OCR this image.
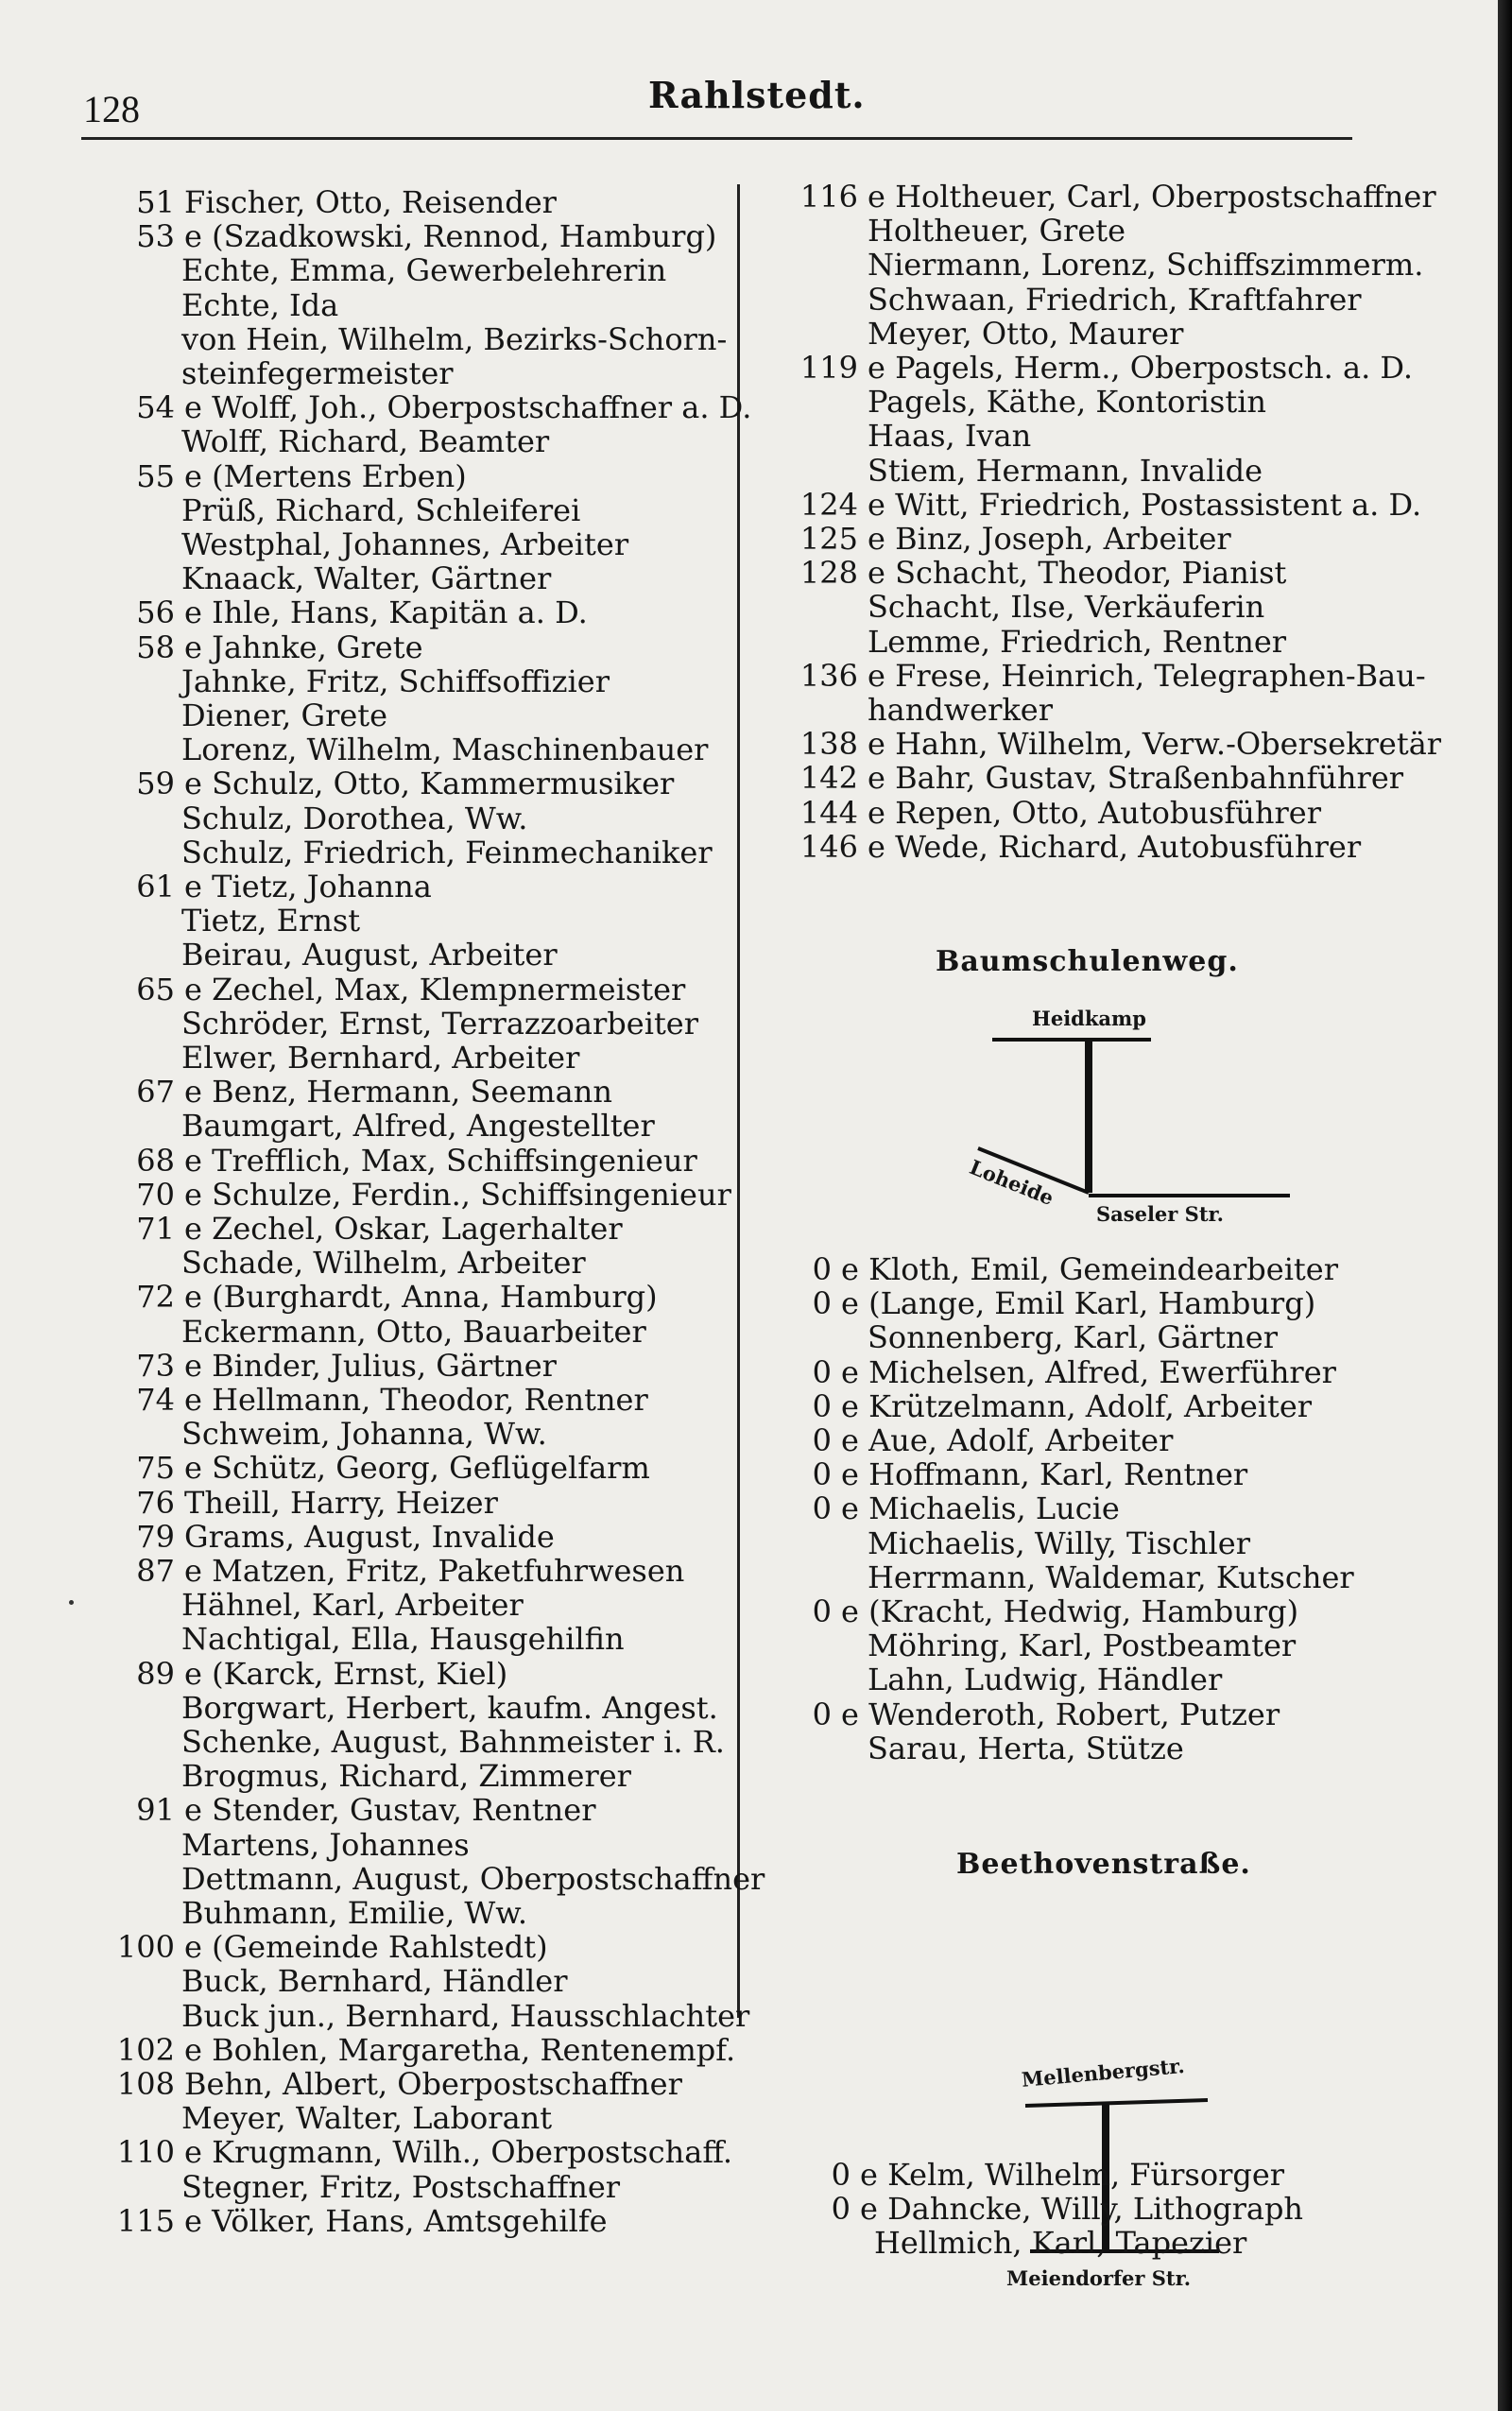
128	Rahlstedt.
51 Fischer, Otto, Reisender
53 e (Szadkowski, Rennod, Hamburg)
Echte, Emma, Gewerbelehrerin
Echte, Ida
von Hein, Wilhelm, Bezirks-Schorn-
steinfegermeister
54 e Wolff, Joh., Oberpostschaffner a. D.
Wolff, Richard, Beamter
55 e (Mertens Erben)
Prüß, Richard, Schleiferei
Westphal, Johannes, Arbeiter
Knaack, Walter, Gärtner
56 e Ihle, Hans, Kapitän a. D.
58 e Jahnke, Grete
Jahnke, Fritz, Schiffsoffizier
Diener, Grete
Lorenz, Wilhelm, Maschinenbauer
59 e Schulz, Otto, Kammermusiker
Schulz, Dorothea, Ww.
Schulz, Friedrich, Feinmechaniker
61 e Tietz, Johanna
Tietz, Ernst
Beirau, August, Arbeiter
65 e Zechel, Max, Klempnermeister
Schröder, Ernst, Terrazzoarbeiter
Elwer, Bernhard, Arbeiter
67 e Benz, Hermann, Seemann
Baumgart, Alfred, Angestellter
68 e Trefflich, Max, Schiffsingenieur
70 e Schulze, Ferdin., Schiffsingenieur
71 e Zechel, Oskar, Lagerhalter
Schade, Wilhelm, Arbeiter
72 e (Burghardt, Anna, Hamburg)
Eckermann, Otto, Bauarbeiter
73 e Binder, Julius, Gärtner
74 e Hellmann, Theodor, Rentner
Schweim, Johanna, Ww.
75 e Schütz, Georg, Geflügelfarm
76 Theill, Harry, Heizer
79 Grams, August, Invalide
87 e Matzen, Fritz, Paketfuhrwesen
Hähnel, Karl, Arbeiter
Nachtigal, Ella, Hausgehilfin
89 e (Karck, Ernst, Kiel)
Borgwart, Herbert, kaufm. Angest.
Schenke, August, Bahnmeister i. R.
Brogmus, Richard, Zimmerer
91 e Stender, Gustav, Rentner
Martens, Johannes
Dettmann, August, Oberpostschaffner
Buhmann, Emilie, Ww.
100 e (Gemeinde Rahlstedt)
Buck, Bernhard, Händler
Buck jun., Bernhard, Hausschlachter
102 e Bohlen, Margaretha, Rentenempf.
108 Behn, Albert, Oberpostschaffner
Meyer, Walter, Laborant
110 e Krugmann, Wilh., Oberpostschaff.
Stegner, Fritz, Postschaffner
115 e Völker, Hans, Amtsgehilfe
116 e Holtheuer, Carl, Oberpostschaffner
Holtheuer, Grete
Niermann, Lorenz, Schiffszimmerm.
Schwaan, Friedrich, Kraftfahrer
Meyer, Otto, Maurer
119 e Pagels, Herm., Oberpostsch. a. D.
Pagels, Käthe, Kontoristin
Haas, Ivan
Stiem, Hermann, Invalide
124 e Witt, Friedrich, Postassistent a. D.
125 e Binz, Joseph, Arbeiter
128 e Schacht, Theodor, Pianist
Schacht, Ilse, Verkäuferin
Lemme, Friedrich, Rentner
136 e Frese, Heinrich, Telegraphen-Bau-
handwerker
138 e Hahn, Wilhelm, Verw.-Obersekretär
142 e Bahr, Gustav, Straßenbahnführer
144 e Repen, Otto, Autobusführer
146 e Wede, Richard, Autobusführer
Baumschulenweg.
Heidkamp
Loheide
Saseler Str.
0 e Kloth, Emil, Gemeindearbeiter
0 e (Lange, Emil Karl, Hamburg)
Sonnenberg, Karl, Gärtner
0 e Michelsen, Alfred, Ewerführer
0 e Krützelmann, Adolf, Arbeiter
0 e Aue, Adolf, Arbeiter
0 e Hoffmann, Karl, Rentner
0 e Michaelis, Lucie
Michaelis, Willy, Tischler
Herrmann, Waldemar, Kutscher
0 e (Kracht, Hedwig, Hamburg)
Möhring, Karl, Postbeamter
Lahn, Ludwig, Händler
0 e Wenderoth, Robert, Putzer
Sarau, Herta, Stütze
Beethovenstraße.
Mellenbergstr.
Meiendorfer Str.
0 e Kelm, Wilhelm, Fürsorger
0 e Dahncke, Willy, Lithograph
Hellmich, Karl, Tapezier
